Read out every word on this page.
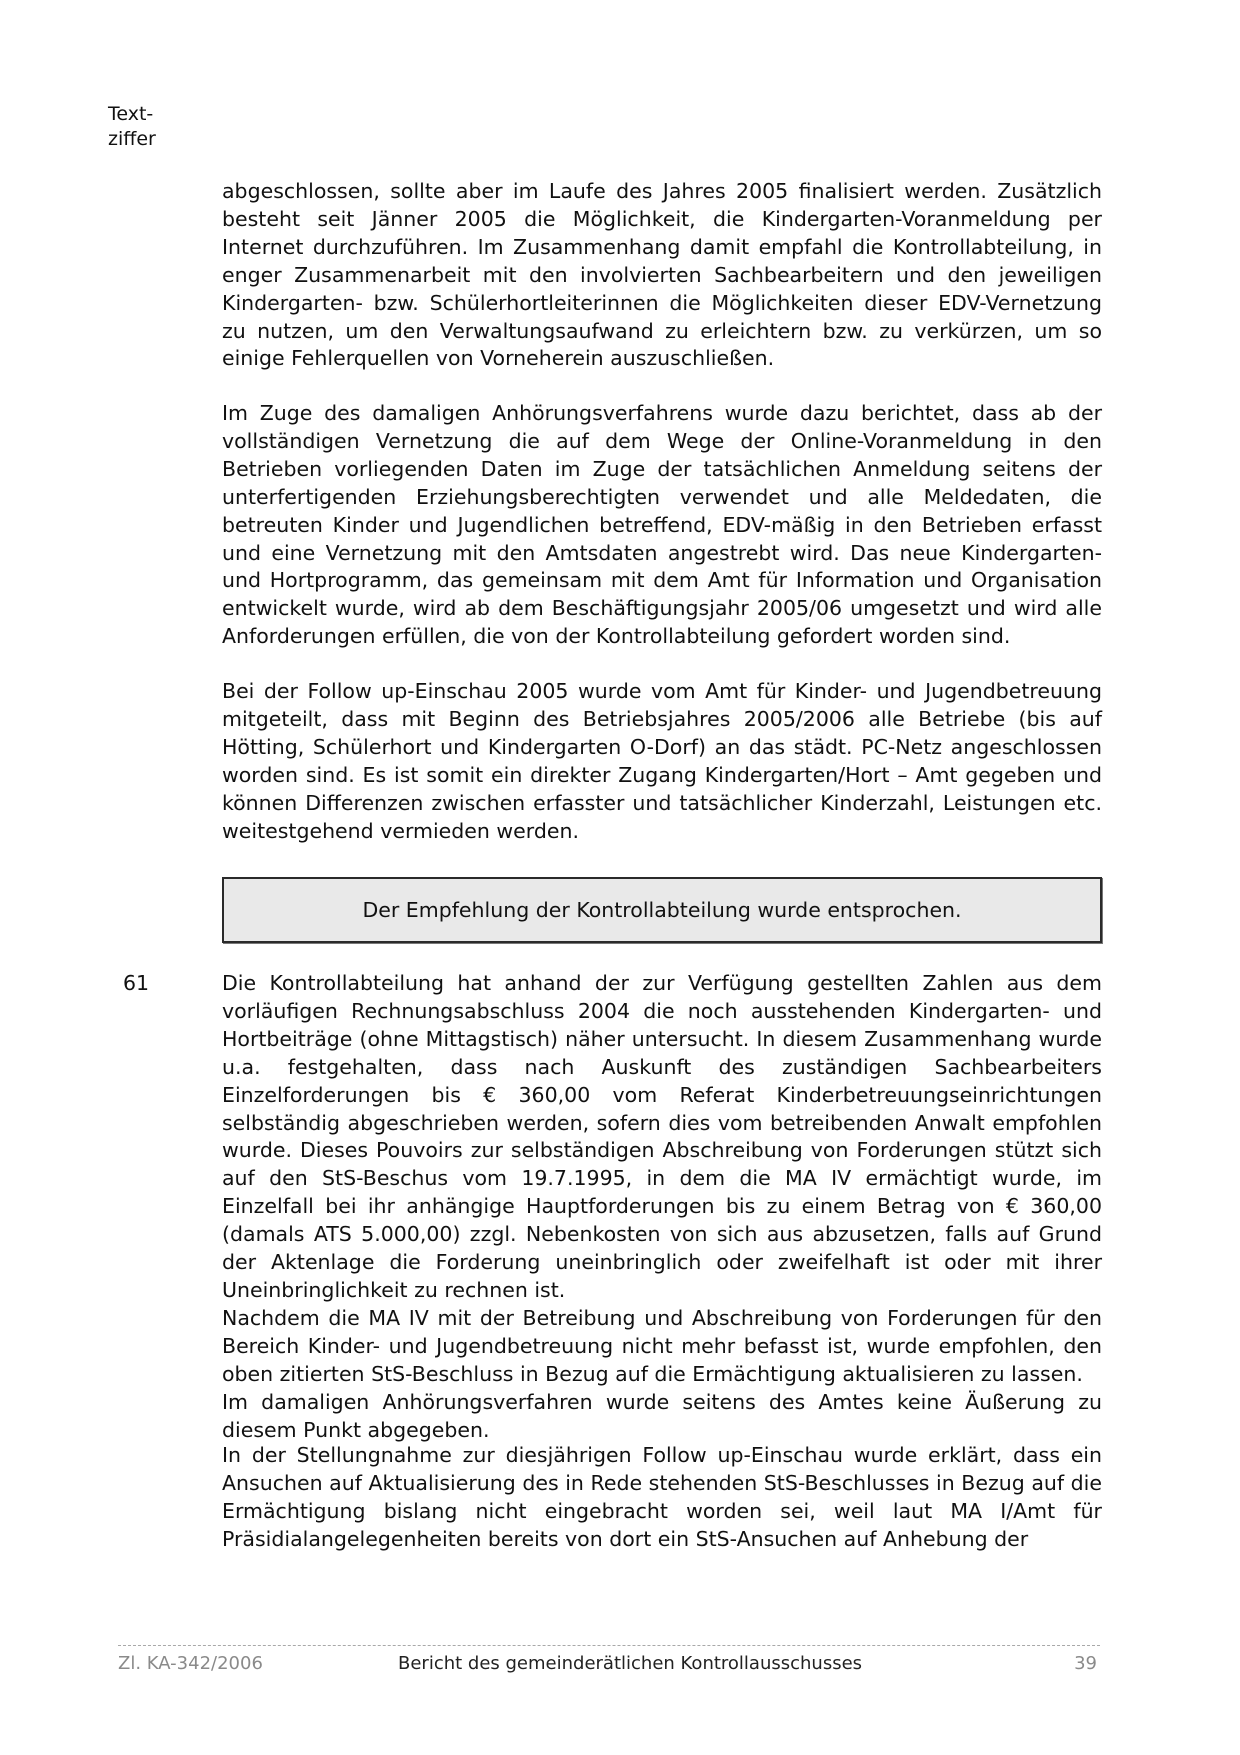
Text-
ziffer

abgeschlossen, sollte aber im Laufe des Jahres 2005 finalisiert werden. Zusätzlich besteht seit Jänner 2005 die Möglichkeit, die Kindergarten-Voranmeldung per Internet durchzuführen. Im Zusammenhang damit empfahl die Kontrollabteilung, in enger Zusammenarbeit mit den involvierten Sachbearbeitern und den jeweiligen Kindergarten- bzw. Schülerhortleiterinnen die Möglichkeiten dieser EDV-Vernetzung zu nutzen, um den Verwaltungsaufwand zu erleichtern bzw. zu verkürzen, um so einige Fehlerquellen von Vorneherein auszuschließen.

Im Zuge des damaligen Anhörungsverfahrens wurde dazu berichtet, dass ab der vollständigen Vernetzung die auf dem Wege der Online-Voranmeldung in den Betrieben vorliegenden Daten im Zuge der tatsächlichen Anmeldung seitens der unterfertigenden Erziehungsberechtigten verwendet und alle Meldedaten, die betreuten Kinder und Jugendlichen betreffend, EDV-mäßig in den Betrieben erfasst und eine Vernetzung mit den Amtsdaten angestrebt wird. Das neue Kindergarten- und Hortprogramm, das gemeinsam mit dem Amt für Information und Organisation entwickelt wurde, wird ab dem Beschäftigungsjahr 2005/06 umgesetzt und wird alle Anforderungen erfüllen, die von der Kontrollabteilung gefordert worden sind.

Bei der Follow up-Einschau 2005 wurde vom Amt für Kinder- und Jugendbetreuung mitgeteilt, dass mit Beginn des Betriebsjahres 2005/2006 alle Betriebe (bis auf Hötting, Schülerhort und Kindergarten O-Dorf) an das städt. PC-Netz angeschlossen worden sind. Es ist somit ein direkter Zugang Kindergarten/Hort – Amt gegeben und können Differenzen zwischen erfasster und tatsächlicher Kinderzahl, Leistungen etc. weitestgehend vermieden werden.

Der Empfehlung der Kontrollabteilung wurde entsprochen.
61	Die Kontrollabteilung hat anhand der zur Verfügung gestellten Zahlen aus dem vorläufigen Rechnungsabschluss 2004 die noch ausstehenden Kindergarten- und Hortbeiträge (ohne Mittagstisch) näher untersucht. In diesem Zusammenhang wurde u.a. festgehalten, dass nach Auskunft des zuständigen Sachbearbeiters Einzelforderungen bis € 360,00 vom Referat Kinderbetreuungseinrichtungen selbständig abgeschrieben werden, sofern dies vom betreibenden Anwalt empfohlen wurde. Dieses Pouvoirs zur selbständigen Abschreibung von Forderungen stützt sich auf den StS-Beschus vom 19.7.1995, in dem die MA IV ermächtigt wurde, im Einzelfall bei ihr anhängige Hauptforderungen bis zu einem Betrag von € 360,00 (damals ATS 5.000,00) zzgl. Nebenkosten von sich aus abzusetzen, falls auf Grund der Aktenlage die Forderung uneinbringlich oder zweifelhaft ist oder mit ihrer Uneinbringlichkeit zu rechnen ist.

Nachdem die MA IV mit der Betreibung und Abschreibung von Forderungen für den Bereich Kinder- und Jugendbetreuung nicht mehr befasst ist, wurde empfohlen, den oben zitierten StS-Beschluss in Bezug auf die Ermächtigung aktualisieren zu lassen.

Im damaligen Anhörungsverfahren wurde seitens des Amtes keine Äußerung zu diesem Punkt abgegeben.

In der Stellungnahme zur diesjährigen Follow up-Einschau wurde erklärt, dass ein Ansuchen auf Aktualisierung des in Rede stehenden StS-Beschlusses in Bezug auf die Ermächtigung bislang nicht eingebracht worden sei, weil laut MA I/Amt für Präsidialangelegenheiten bereits von dort ein StS-Ansuchen auf Anhebung der

Zl. KA-342/2006	Bericht des gemeinderätlichen Kontrollausschusses	39
